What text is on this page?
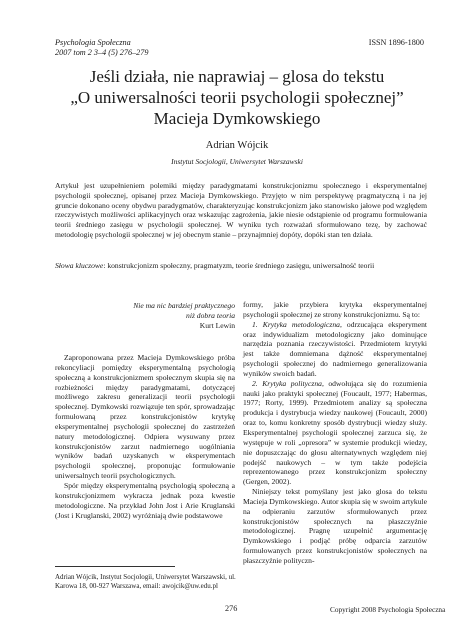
Psychologia Społeczna
2007 tom 2 3–4 (5) 276–279
ISSN 1896-1800
Jeśli działa, nie naprawiaj – glosa do tekstu
„O uniwersalności teorii psychologii społecznej”
Macieja Dymkowskiego
Adrian Wójcik
Instytut Socjologii, Uniwersytet Warszawski
Artykuł jest uzupełnieniem polemiki między paradygmatami konstrukcjonizmu społecznego i eksperymentalnej psychologii społecznej, opisanej przez Macieja Dymkowskiego. Przyjęto w nim perspektywę pragmatyczną i na jej gruncie dokonano oceny obydwu paradygmatów, charakteryzując konstrukcjonizm jako stanowisko jałowe pod względem rzeczywistych możliwości aplikacyjnych oraz wskazując zagrożenia, jakie niesie odstąpienie od programu formułowania teorii średniego zasięgu w psychologii społecznej. W wyniku tych rozważań sformułowano tezę, by zachować metodologię psychologii społecznej w jej obecnym stanie – przynajmniej dopóty, dopóki stan ten działa.
Słowa kluczowe: konstrukcjonizm społeczny, pragmatyzm, teorie średniego zasięgu, uniwersalność teorii
Nie ma nic bardziej praktycznego
niż dobra teoria
Kurt Lewin

Zaproponowana przez Macieja Dymkowskiego próba rekoncyliacji pomiędzy eksperymentalną psychologią społeczną a konstrukcjonizmem społecznym skupia się na rozbieżności między paradygmatami, dotyczącej możliwego zakresu generalizacji teorii psychologii społecznej. Dymkowski rozwiązuje ten spór, sprowadzając formułowaną przez konstrukcjonistów krytykę eksperymentalnej psychologii społecznej do zastrzeżeń natury metodologicznej. Odpiera wysuwany przez konstrukcjonistów zarzut nadmiernego uogólniania wyników badań uzyskanych w eksperymentach psychologii społecznej, proponując formułowanie uniwersalnych teorii psychologicznych.

Spór między eksperymentalną psychologią społeczną a konstrukcjonizmem wykracza jednak poza kwestie metodologiczne. Na przykład John Jost i Arie Kruglanski (Jost i Kruglanski, 2002) wyróżniają dwie podstawowe

formy, jakie przybiera krytyka eksperymentalnej psychologii społecznej ze strony konstrukcjonizmu. Są to:

1. Krytyka metodologiczna, odrzucająca eksperyment oraz indywidualizm metodologiczny jako dominujące narzędzia poznania rzeczywistości. Przedmiotem krytyki jest także domniemana dążność eksperymentalnej psychologii społecznej do nadmiernego generalizowania wyników swoich badań.

2. Krytyka polityczna, odwołująca się do rozumienia nauki jako praktyki społecznej (Foucault, 1977; Habermas, 1977; Rorty, 1999). Przedmiotem analizy są społeczna produkcja i dystrybucja wiedzy naukowej (Foucault, 2000) oraz to, komu konkretny sposób dystrybucji wiedzy służy. Eksperymentalnej psychologii społecznej zarzuca się, że występuje w roli „opresora” w systemie produkcji wiedzy, nie dopuszczając do głosu alternatywnych względem niej podejść naukowych – w tym także podejścia reprezentowanego przez konstrukcjonizm społeczny (Gergen, 2002).

Niniejszy tekst pomyślany jest jako glosa do tekstu Macieja Dymkowskiego. Autor skupia się w swoim artykule na odpieraniu zarzutów sformułowanych przez konstrukcjonistów społecznych na płaszczyźnie metodologicznej. Pragnę uzupełnić argumentację Dymkowskiego i podjąć próbę odparcia zarzutów formułowanych przez konstrukcjonistów społecznych na płaszczyźnie polityczn-

Adrian Wójcik, Instytut Socjologii, Uniwersytet Warszawski, ul. Karowa 18, 00-927 Warszawa, email: awojcik@uw.edu.pl
276	Copyright 2008 Psychologia Społeczna
